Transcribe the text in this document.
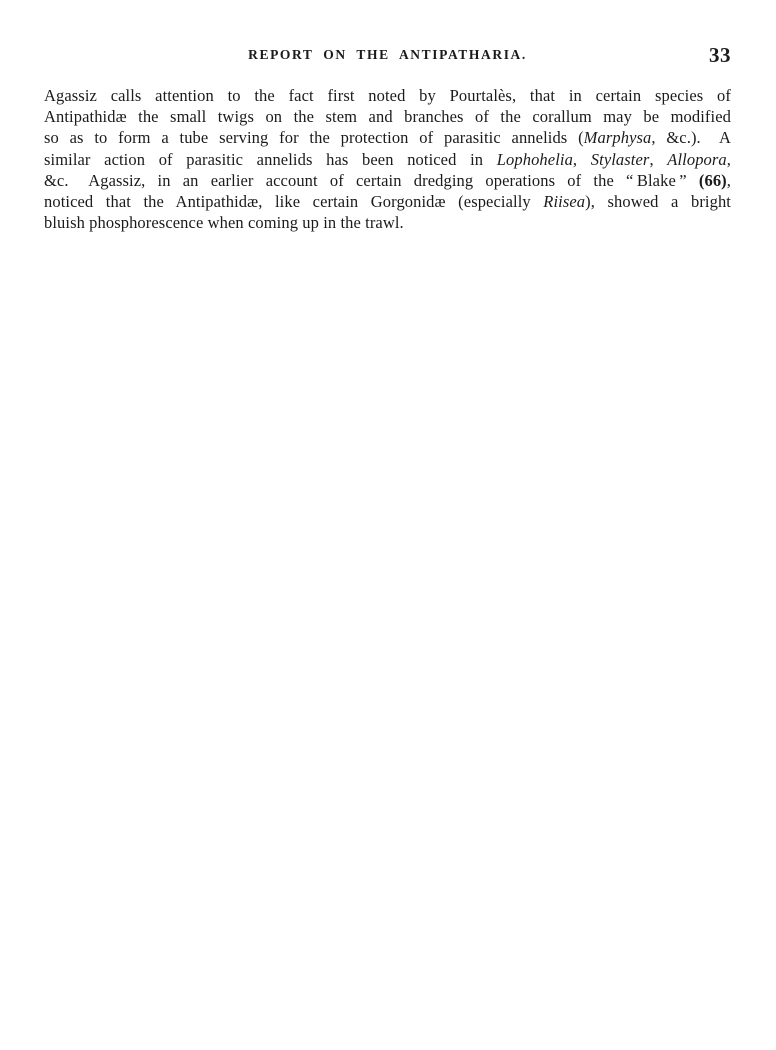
REPORT ON THE ANTIPATHARIA.	33
Agassiz calls attention to the fact first noted by Pourtalès, that in certain species of
Antipathidæ the small twigs on the stem and branches of the corallum may be modified
so as to form a tube serving for the protection of parasitic annelids (Marphysa, &c.).  A
similar action of parasitic annelids has been noticed in Lophohelia, Stylaster, Allopora,
&c.  Agassiz, in an earlier account of certain dredging operations of the “ Blake ” (66),
noticed that the Antipathidæ, like certain Gorgonidæ (especially Riisea), showed a bright
bluish phosphorescence when coming up in the trawl.
